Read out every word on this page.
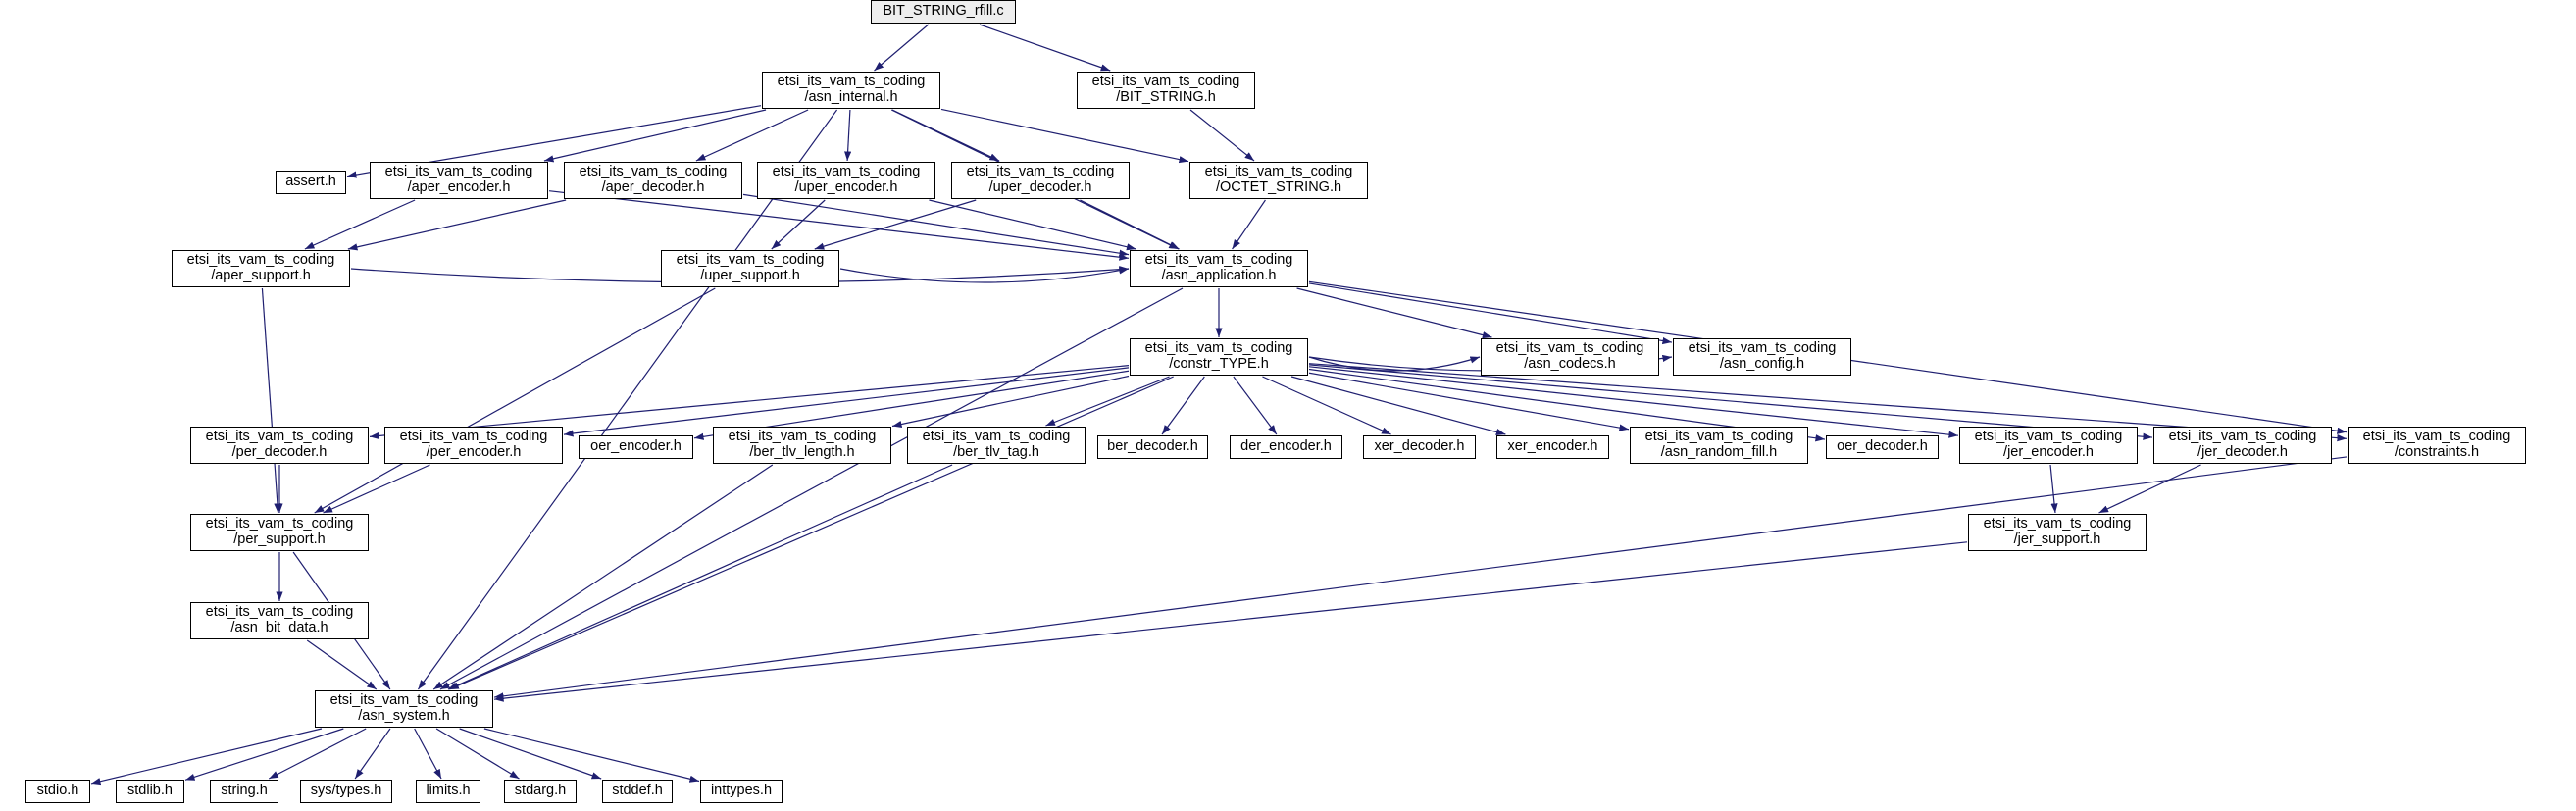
BIT_STRING_rfill.c
etsi_its_vam_ts_coding
/asn_internal.h
etsi_its_vam_ts_coding
/BIT_STRING.h
assert.h
etsi_its_vam_ts_coding
/aper_encoder.h
etsi_its_vam_ts_coding
/aper_decoder.h
etsi_its_vam_ts_coding
/uper_encoder.h
etsi_its_vam_ts_coding
/uper_decoder.h
etsi_its_vam_ts_coding
/OCTET_STRING.h
etsi_its_vam_ts_coding
/aper_support.h
etsi_its_vam_ts_coding
/uper_support.h
etsi_its_vam_ts_coding
/asn_application.h
etsi_its_vam_ts_coding
/constr_TYPE.h
etsi_its_vam_ts_coding
/asn_codecs.h
etsi_its_vam_ts_coding
/asn_config.h
etsi_its_vam_ts_coding
/per_decoder.h
etsi_its_vam_ts_coding
/per_encoder.h	oer_encoder.h
etsi_its_vam_ts_coding
/ber_tlv_length.h
etsi_its_vam_ts_coding
/ber_tlv_tag.h	ber_decoder.h	der_encoder.h	xer_decoder.h	xer_encoder.h
etsi_its_vam_ts_coding
/asn_random_fill.h	oer_decoder.h
etsi_its_vam_ts_coding
/jer_encoder.h
etsi_its_vam_ts_coding
/jer_decoder.h
etsi_its_vam_ts_coding
/constraints.h
etsi_its_vam_ts_coding
/per_support.h
etsi_its_vam_ts_coding
/jer_support.h
etsi_its_vam_ts_coding
/asn_bit_data.h
etsi_its_vam_ts_coding
/asn_system.h
stdio.h	stdlib.h	string.h	sys/types.h	limits.h	stdarg.h	stddef.h	inttypes.h
